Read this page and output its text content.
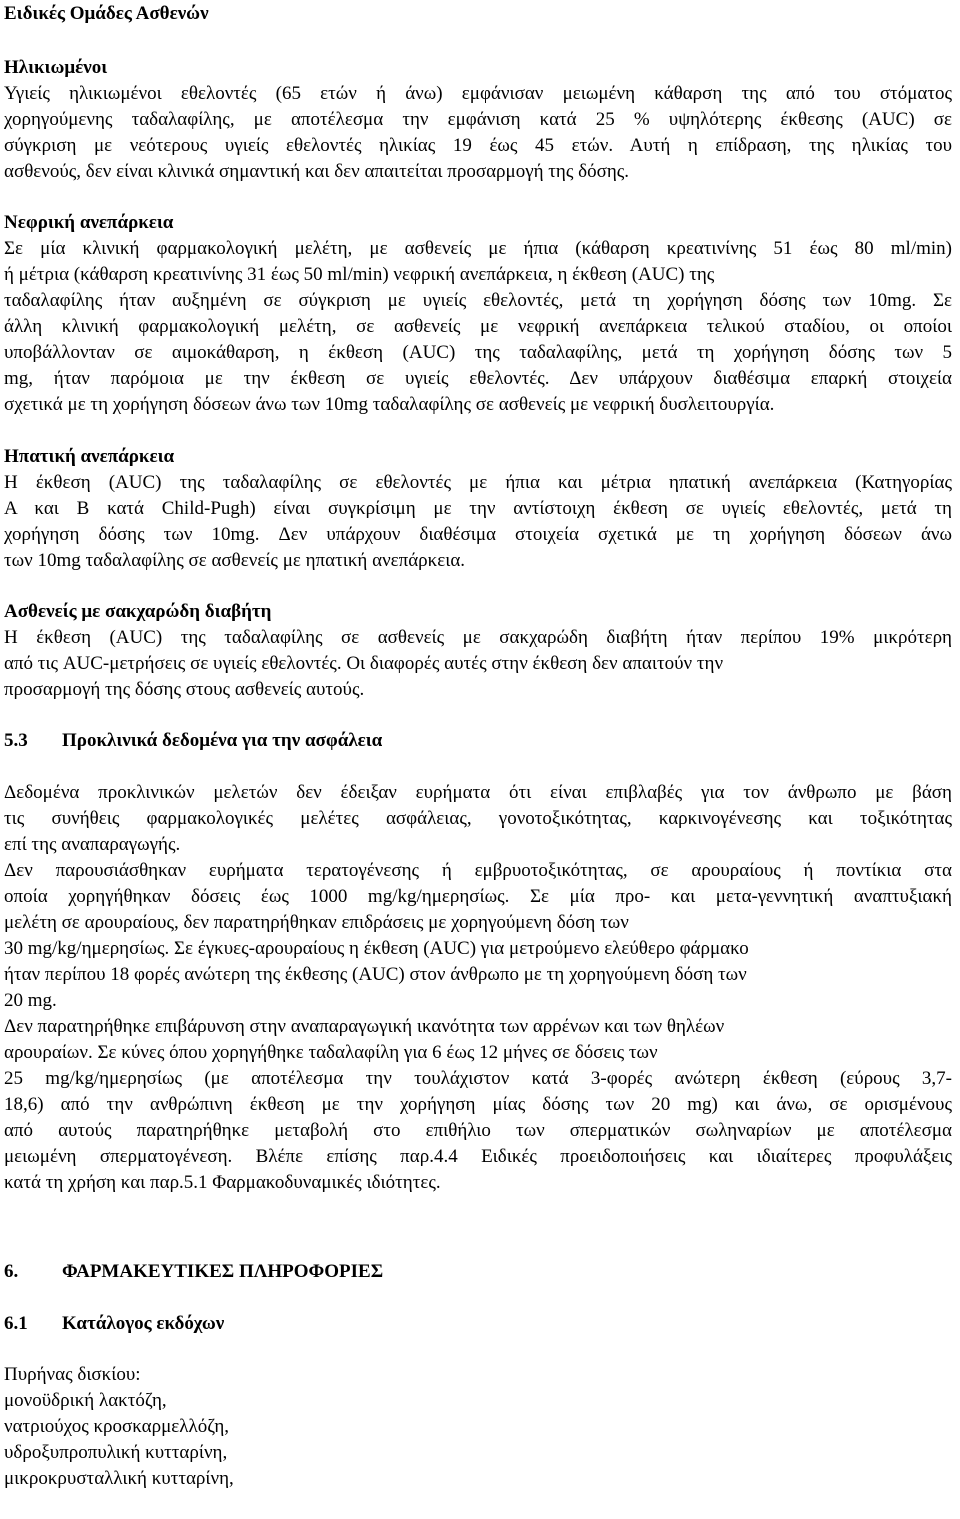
Ειδικές Ομάδες Ασθενών
Ηλικιωμένοι
Υγιείς ηλικιωμένοι εθελοντές (65 ετών ή άνω) εμφάνισαν μειωμένη κάθαρση της από του στόματος
χορηγούμενης ταδαλαφίλης, με αποτέλεσμα την εμφάνιση κατά 25 % υψηλότερης έκθεσης (AUC) σε
σύγκριση με νεότερους υγιείς εθελοντές ηλικίας 19 έως 45 ετών. Αυτή η επίδραση, της ηλικίας του
ασθενούς, δεν είναι κλινικά σημαντική και δεν απαιτείται προσαρμογή της δόσης.
Νεφρική ανεπάρκεια
Σε μία κλινική φαρμακολογική μελέτη, με ασθενείς με ήπια (κάθαρση κρεατινίνης 51 έως 80 ml/min)
ή μέτρια (κάθαρση κρεατινίνης 31 έως 50 ml/min) νεφρική ανεπάρκεια, η έκθεση (AUC) της
ταδαλαφίλης ήταν αυξημένη σε σύγκριση με υγιείς εθελοντές, μετά τη χορήγηση δόσης των 10mg. Σε
άλλη κλινική φαρμακολογική μελέτη, σε ασθενείς με νεφρική ανεπάρκεια τελικού σταδίου, οι οποίοι
υποβάλλονταν σε αιμοκάθαρση, η έκθεση (AUC) της ταδαλαφίλης, μετά τη χορήγηση δόσης των 5
mg, ήταν παρόμοια με την έκθεση σε υγιείς εθελοντές. Δεν υπάρχουν διαθέσιμα επαρκή στοιχεία
σχετικά με τη χορήγηση δόσεων άνω των 10mg ταδαλαφίλης σε ασθενείς με νεφρική δυσλειτουργία.
Ηπατική ανεπάρκεια
Η έκθεση (AUC) της ταδαλαφίλης σε εθελοντές με ήπια και μέτρια ηπατική ανεπάρκεια (Κατηγορίας
A και B κατά Child-Pugh) είναι συγκρίσιμη με την αντίστοιχη έκθεση σε υγιείς εθελοντές, μετά τη
χορήγηση δόσης των 10mg. Δεν υπάρχουν διαθέσιμα στοιχεία σχετικά με τη χορήγηση δόσεων άνω
των 10mg ταδαλαφίλης σε ασθενείς με ηπατική ανεπάρκεια.
Ασθενείς με σακχαρώδη διαβήτη
Η έκθεση (AUC) της ταδαλαφίλης σε ασθενείς με σακχαρώδη διαβήτη ήταν περίπου 19% μικρότερη
από τις AUC-μετρήσεις σε υγιείς εθελοντές. Οι διαφορές αυτές στην έκθεση δεν απαιτούν την
προσαρμογή της δόσης στους ασθενείς αυτούς.
5.3 Προκλινικά δεδομένα για την ασφάλεια
Δεδομένα προκλινικών μελετών δεν έδειξαν ευρήματα ότι είναι επιβλαβές για τον άνθρωπο με βάση
τις συνήθεις φαρμακολογικές μελέτες ασφάλειας, γονοτοξικότητας, καρκινογένεσης και τοξικότητας
επί της αναπαραγωγής.
Δεν παρουσιάσθηκαν ευρήματα τερατογένεσης ή εμβρυοτοξικότητας, σε αρουραίους ή ποντίκια στα
οποία χορηγήθηκαν δόσεις έως 1000 mg/kg/ημερησίως. Σε μία προ- και μετα-γεννητική αναπτυξιακή
μελέτη σε αρουραίους, δεν παρατηρήθηκαν επιδράσεις με χορηγούμενη δόση των
30 mg/kg/ημερησίως. Σε έγκυες-αρουραίους η έκθεση (AUC) για μετρούμενο ελεύθερο φάρμακο
ήταν περίπου 18 φορές ανώτερη της έκθεσης (AUC) στον άνθρωπο με τη χορηγούμενη δόση των
20 mg.
Δεν παρατηρήθηκε επιβάρυνση στην αναπαραγωγική ικανότητα των αρρένων και των θηλέων
αρουραίων. Σε κύνες όπου χορηγήθηκε ταδαλαφίλη για 6 έως 12 μήνες σε δόσεις των
25 mg/kg/ημερησίως (με αποτέλεσμα την τουλάχιστον κατά 3-φορές ανώτερη έκθεση (εύρους 3,7-
18,6) από την ανθρώπινη έκθεση με την χορήγηση μίας δόσης των 20 mg) και άνω, σε ορισμένους
από αυτούς παρατηρήθηκε μεταβολή στο επιθήλιο των σπερματικών σωληναρίων με αποτέλεσμα
μειωμένη σπερματογένεση. Βλέπε επίσης παρ.4.4 Ειδικές προειδοποιήσεις και ιδιαίτερες προφυλάξεις
κατά τη χρήση και παρ.5.1 Φαρμακοδυναμικές ιδιότητες.
6. ΦΑΡΜΑΚΕΥΤΙΚΕΣ ΠΛΗΡΟΦΟΡΙΕΣ
6.1 Κατάλογος εκδόχων
Πυρήνας δισκίου:
μονοϋδρική λακτόζη,
νατριούχος κροσκαρμελλόζη,
υδροξυπροπυλική κυτταρίνη,
μικροκρυσταλλική κυτταρίνη,
